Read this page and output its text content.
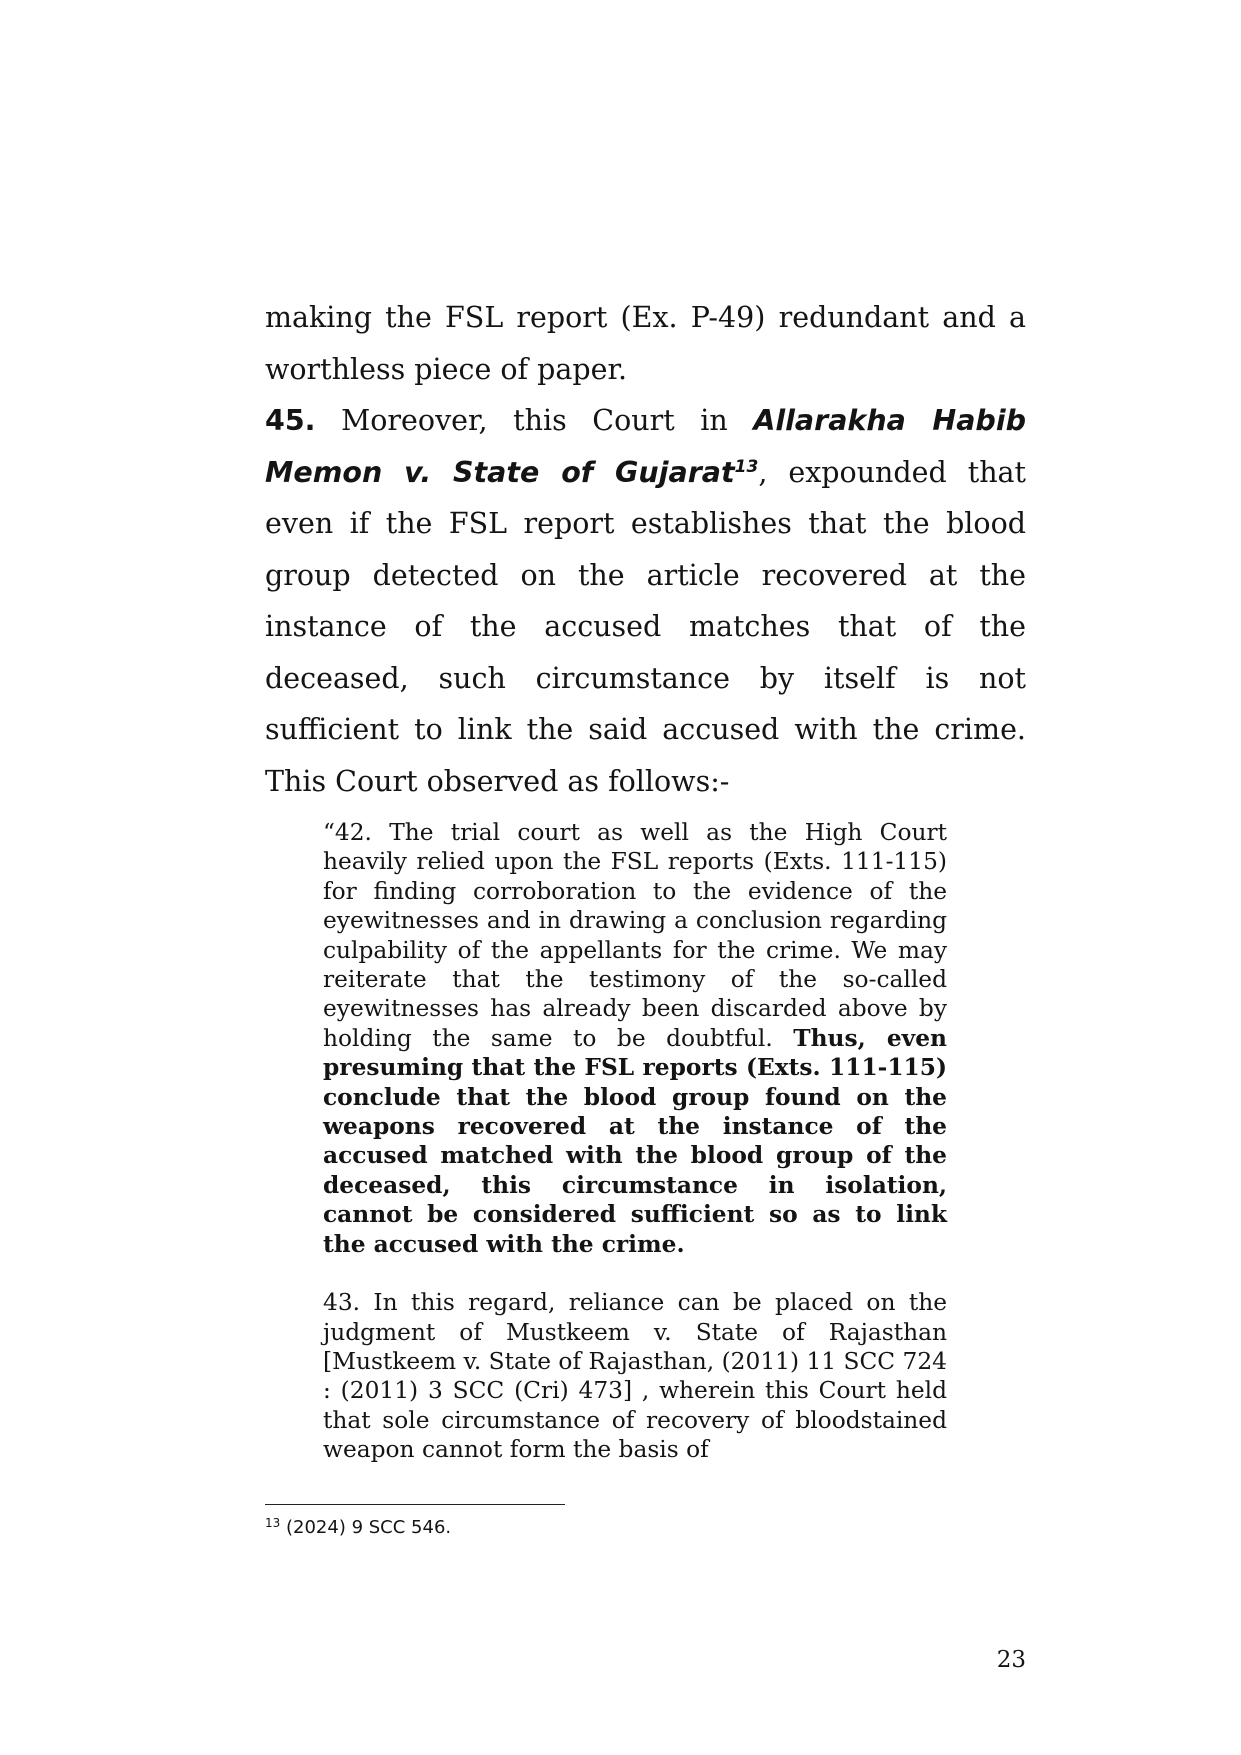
making the FSL report (Ex. P-49) redundant and a worthless piece of paper.

45. Moreover, this Court in Allarakha Habib Memon v. State of Gujarat$^{13}$, expounded that even if the FSL report establishes that the blood group detected on the article recovered at the instance of the accused matches that of the deceased, such circumstance by itself is not sufficient to link the said accused with the crime. This Court observed as follows:-

“42. The trial court as well as the High Court heavily relied upon the FSL reports (Exts. 111-115) for finding corroboration to the evidence of the eyewitnesses and in drawing a conclusion regarding culpability of the appellants for the crime. We may reiterate that the testimony of the so-called eyewitnesses has already been discarded above by holding the same to be doubtful. Thus, even presuming that the FSL reports (Exts. 111-115) conclude that the blood group found on the weapons recovered at the instance of the accused matched with the blood group of the deceased, this circumstance in isolation, cannot be considered sufficient so as to link the accused with the crime.

43. In this regard, reliance can be placed on the judgment of Mustkeem v. State of Rajasthan [Mustkeem v. State of Rajasthan, (2011) 11 SCC 724 : (2011) 3 SCC (Cri) 473] , wherein this Court held that sole circumstance of recovery of bloodstained weapon cannot form the basis of

$^{13}$ (2024) 9 SCC 546.
23
